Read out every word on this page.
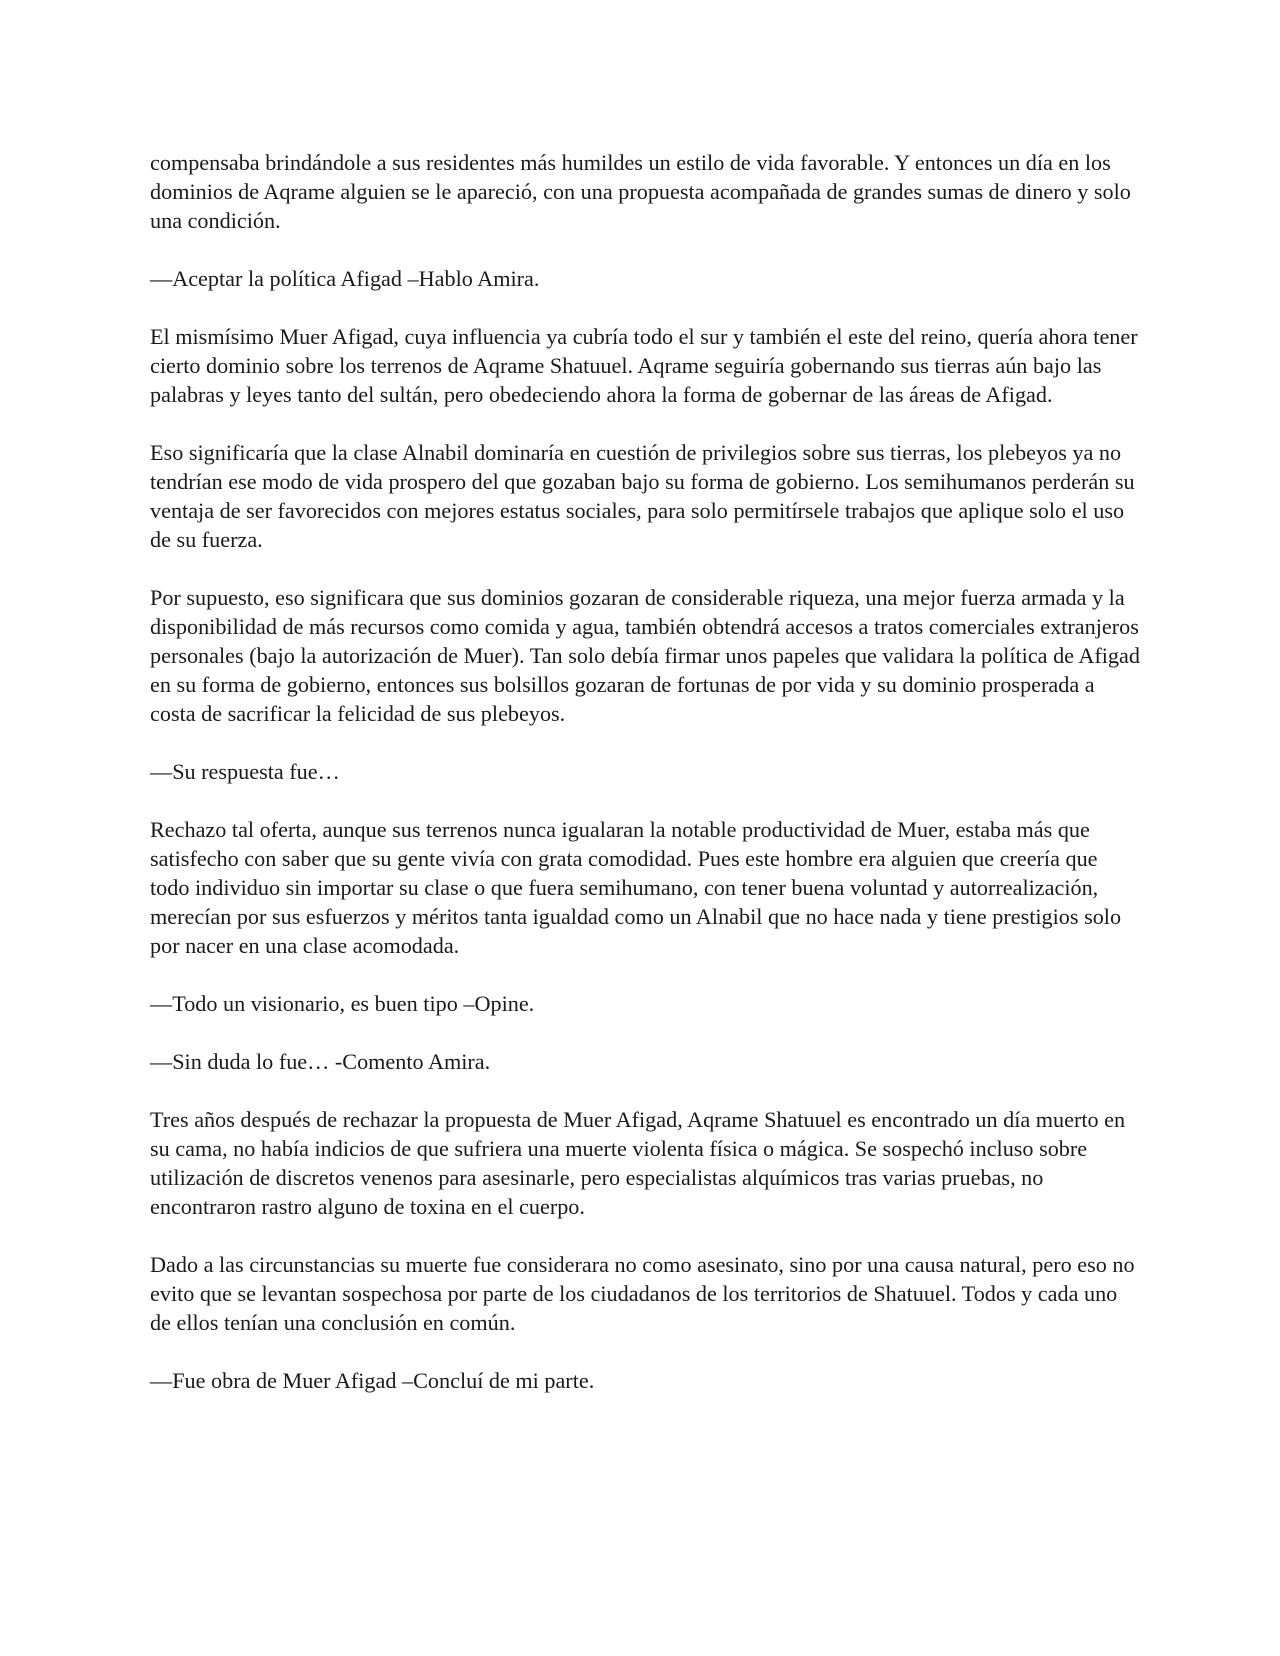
compensaba brindándole a sus residentes más humildes un estilo de vida favorable. Y entonces un día en los dominios de Aqrame alguien se le apareció, con una propuesta acompañada de grandes sumas de dinero y solo una condición.

—Aceptar la política Afigad –Hablo Amira.

El mismísimo Muer Afigad, cuya influencia ya cubría todo el sur y también el este del reino, quería ahora tener cierto dominio sobre los terrenos de Aqrame Shatuuel. Aqrame seguiría gobernando sus tierras aún bajo las palabras y leyes tanto del sultán, pero obedeciendo ahora la forma de gobernar de las áreas de Afigad.

Eso significaría que la clase Alnabil dominaría en cuestión de privilegios sobre sus tierras, los plebeyos ya no tendrían ese modo de vida prospero del que gozaban bajo su forma de gobierno. Los semihumanos perderán su ventaja de ser favorecidos con mejores estatus sociales, para solo permitírsele trabajos que aplique solo el uso de su fuerza.

Por supuesto, eso significara que sus dominios gozaran de considerable riqueza, una mejor fuerza armada y la disponibilidad de más recursos como comida y agua, también obtendrá accesos a tratos comerciales extranjeros personales (bajo la autorización de Muer). Tan solo debía firmar unos papeles que validara la política de Afigad en su forma de gobierno, entonces sus bolsillos gozaran de fortunas de por vida y su dominio prosperada a costa de sacrificar la felicidad de sus plebeyos.

—Su respuesta fue…

Rechazo tal oferta, aunque sus terrenos nunca igualaran la notable productividad de Muer, estaba más que satisfecho con saber que su gente vivía con grata comodidad. Pues este hombre era alguien que creería que todo individuo sin importar su clase o que fuera semihumano, con tener buena voluntad y autorrealización, merecían por sus esfuerzos y méritos tanta igualdad como un Alnabil que no hace nada y tiene prestigios solo por nacer en una clase acomodada.

—Todo un visionario, es buen tipo –Opine.

—Sin duda lo fue… -Comento Amira.

Tres años después de rechazar la propuesta de Muer Afigad, Aqrame Shatuuel es encontrado un día muerto en su cama, no había indicios de que sufriera una muerte violenta física o mágica. Se sospechó incluso sobre utilización de discretos venenos para asesinarle, pero especialistas alquímicos tras varias pruebas, no encontraron rastro alguno de toxina en el cuerpo.

Dado a las circunstancias su muerte fue considerara no como asesinato, sino por una causa natural, pero eso no evito que se levantan sospechosa por parte de los ciudadanos de los territorios de Shatuuel. Todos y cada uno de ellos tenían una conclusión en común.

—Fue obra de Muer Afigad –Concluí de mi parte.
